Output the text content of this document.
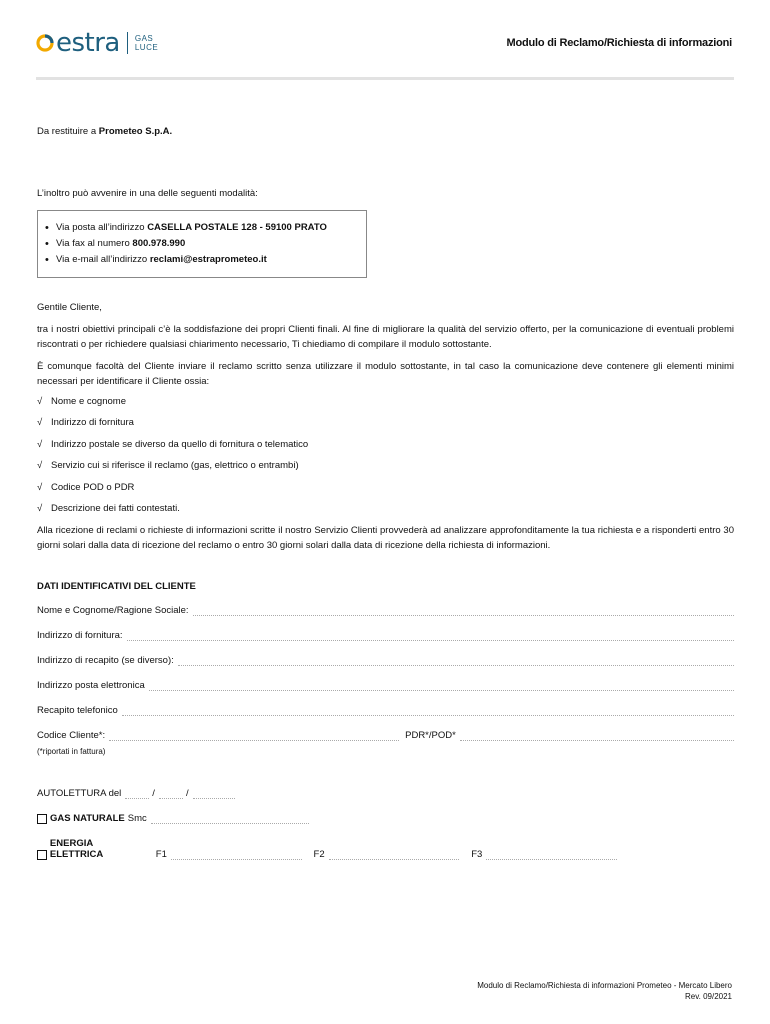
estra GAS
LUCE	Modulo di Reclamo/Richiesta di informazioni
Da restituire a Prometeo S.p.A.
L’inoltro può avvenire in una delle seguenti modalità:
• Via posta all’indirizzo CASELLA POSTALE 128 - 59100 PRATO
• Via fax al numero 800.978.990
• Via e-mail all’indirizzo reclami@estraprometeo.it
Gentile Cliente,
tra i nostri obiettivi principali c’è la soddisfazione dei propri Clienti finali. Al fine di migliorare la qualità del servizio offerto, per la comunicazione di eventuali problemi riscontrati o per richiedere qualsiasi chiarimento necessario, Ti chiediamo di compilare il modulo sottostante.
È comunque facoltà del Cliente inviare il reclamo scritto senza utilizzare il modulo sottostante, in tal caso la comunicazione deve contenere gli elementi minimi necessari per identificare il Cliente ossia:
√ Nome e cognome
√ Indirizzo di fornitura
√ Indirizzo postale se diverso da quello di fornitura o telematico
√ Servizio cui si riferisce il reclamo (gas, elettrico o entrambi)
√ Codice POD o PDR
√ Descrizione dei fatti contestati.
Alla ricezione di reclami o richieste di informazioni scritte il nostro Servizio Clienti provvederà ad analizzare approfonditamente la tua richiesta e a risponderti entro 30 giorni solari dalla data di ricezione del reclamo o entro 30 giorni solari dalla data di ricezione della richiesta di informazioni.
DATI IDENTIFICATIVI DEL CLIENTE
Nome e Cognome/Ragione Sociale:
Indirizzo di fornitura:
Indirizzo di recapito (se diverso):
Indirizzo posta elettronica
Recapito telefonico
Codice Cliente*:	PDR*/POD*
(*riportati in fattura)
AUTOLETTURA del	/	/
GAS NATURALE Smc
ENERGIA ELETTRICA	F1	F2	F3
Modulo di Reclamo/Richiesta di informazioni Prometeo - Mercato Libero
Rev. 09/2021
